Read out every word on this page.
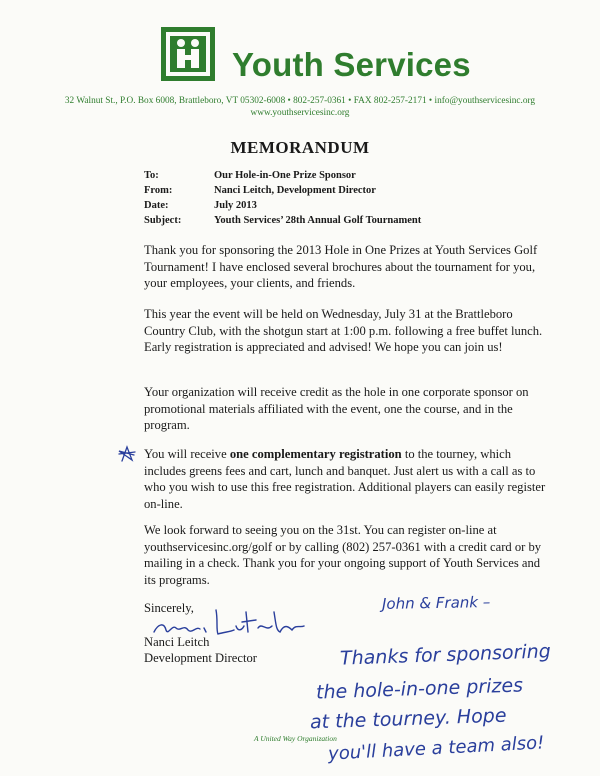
Youth Services
32 Walnut St., P.O. Box 6008, Brattleboro, VT 05302-6008 • 802-257-0361 • FAX 802-257-2171 • info@youthservicesinc.org
www.youthservicesinc.org
MEMORANDUM
To:	Our Hole-in-One Prize Sponsor
From:	Nanci Leitch, Development Director
Date:	July 2013
Subject:	Youth Services’ 28th Annual Golf Tournament
Thank you for sponsoring the 2013 Hole in One Prizes at Youth Services Golf Tournament! I have enclosed several brochures about the tournament for you, your employees, your clients, and friends.
This year the event will be held on Wednesday, July 31 at the Brattleboro Country Club, with the shotgun start at 1:00 p.m. following a free buffet lunch. Early registration is appreciated and advised! We hope you can join us!
Your organization will receive credit as the hole in one corporate sponsor on promotional materials affiliated with the event, one the course, and in the program.
You will receive one complementary registration to the tourney, which includes greens fees and cart, lunch and banquet. Just alert us with a call as to who you wish to use this free registration. Additional players can easily register on-line.
We look forward to seeing you on the 31st. You can register on-line at youthservicesinc.org/golf or by calling (802) 257-0361 with a credit card or by mailing in a check. Thank you for your ongoing support of Youth Services and its programs.
Sincerely,
Nanci Leitch
Development Director
John & Frank –
Thanks for sponsoring
the hole-in-one prizes
at the tourney. Hope
you'll have a team also!
A United Way Organization
